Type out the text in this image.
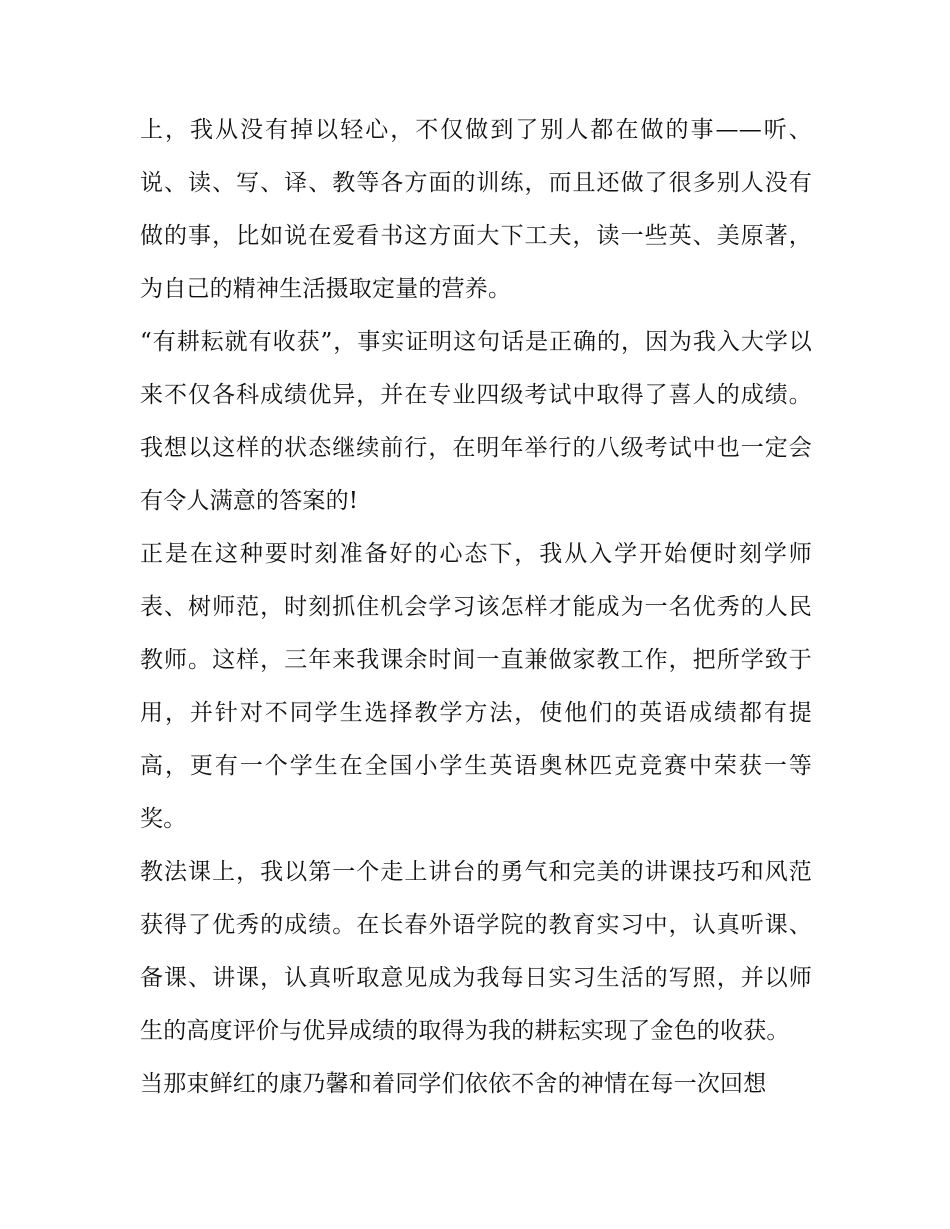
上，我从没有掉以轻心，不仅做到了别人都在做的事——听、说、读、写、译、教等各方面的训练，而且还做了很多别人没有做的事，比如说在爱看书这方面大下工夫，读一些英、美原著，为自己的精神生活摄取定量的营养。

“有耕耘就有收获”，事实证明这句话是正确的，因为我入大学以来不仅各科成绩优异，并在专业四级考试中取得了喜人的成绩。我想以这样的状态继续前行，在明年举行的八级考试中也一定会有令人满意的答案的!

正是在这种要时刻准备好的心态下，我从入学开始便时刻学师表、树师范，时刻抓住机会学习该怎样才能成为一名优秀的人民教师。这样，三年来我课余时间一直兼做家教工作，把所学致于用，并针对不同学生选择教学方法，使他们的英语成绩都有提高，更有一个学生在全国小学生英语奥林匹克竞赛中荣获一等奖。

教法课上，我以第一个走上讲台的勇气和完美的讲课技巧和风范获得了优秀的成绩。在长春外语学院的教育实习中，认真听课、备课、讲课，认真听取意见成为我每日实习生活的写照，并以师生的高度评价与优异成绩的取得为我的耕耘实现了金色的收获。

当那束鲜红的康乃馨和着同学们依依不舍的神情在每一次回想
